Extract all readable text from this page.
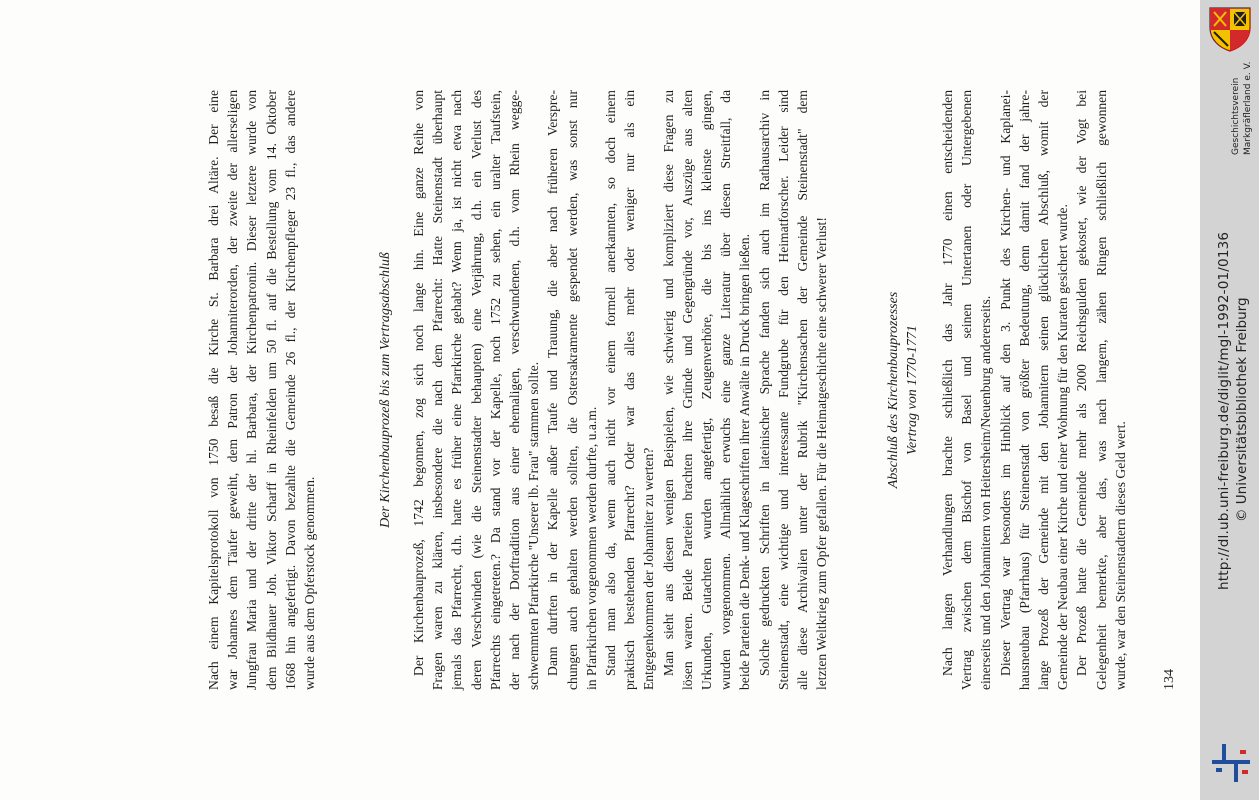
Nach einem Kapitelsprotokoll von 1750 besaß die Kirche St. Barbara drei Altäre. Der eine war Johannes dem Täufer geweiht, dem Patron der Johanniterorden, der zweite der allerseligen Jungfrau Maria und der dritte der hl. Barbara, der Kirchenpatronin. Dieser letztere wurde von dem Bildhauer Joh. Viktor Scharff in Rheinfelden um 50 fl. auf die Bestellung vom 14. Oktober 1668 hin angefertigt. Davon bezahlte die Gemeinde 26 fl., der Kirchenpfleger 23 fl., das andere wurde aus dem Opferstock genommen.

Der Kirchenbauprozeß bis zum Vertragsabschluß Der Kirchenbauprozeß, 1742 begonnen, zog sich noch lange hin. Eine ganze Reihe von Fragen waren zu klären, insbesondere die nach dem Pfarrecht: Hatte Steinenstadt überhaupt jemals das Pfarrecht, d.h. hatte es früher eine Pfarrkirche gehabt? Wenn ja, ist nicht etwa nach deren Verschwinden (wie die Steinenstadter behaupten) eine Verjährung, d.h. ein Verlust des Pfarrechts eingetreten.? Da stand vor der Kapelle, noch 1752 zu sehen, ein uralter Taufstein, der nach der Dorftradition aus einer ehemaligen, verschwundenen, d.h. vom Rhein wegge- schwemmten Pfarrkirche "Unserer lb. Frau" stammen sollte. Dann durften in der Kapelle außer Taufe und Trauung, die aber nach früheren Verspre- chungen auch gehalten werden sollten, die Ostersakramente gespendet werden, was sonst nur in Pfarrkirchen vorgenommen werden durfte, u.a.m. Stand man also da, wenn auch nicht vor einem formell anerkannten, so doch einem praktisch bestehenden Pfarrecht? Oder war das alles mehr oder weniger nur als ein Entgegenkommen der Johanniter zu werten? Man sieht aus diesen wenigen Beispielen, wie schwierig und kompliziert diese Fragen zu lösen waren. Beide Parteien brachten ihre Gründe und Gegengründe vor, Auszüge aus alten Urkunden, Gutachten wurden angefertigt, Zeugenverhöre, die bis ins kleinste gingen, wurden vorgenommen. Allmählich erwuchs eine ganze Literatur über diesen Streitfall, da beide Parteien die Denk- und Klageschriften ihrer Anwälte in Druck bringen ließen. Solche gedruckten Schriften in lateinischer Sprache fanden sich auch im Rathausarchiv in Steinenstadt, eine wichtige und interessante Fundgrube für den Heimatforscher. Leider sind alle diese Archivalien unter der Rubrik "Kirchensachen der Gemeinde Steinenstadt" dem letzten Weltkrieg zum Opfer gefallen. Für die Heimatgeschichte eine schwerer Verlust!	Abschluß des Kirchenbauprozesses Vertrag von 1770-1771 Nach langen Verhandlungen brachte schließlich das Jahr 1770 einen entscheidenden Vertrag zwischen dem Bischof von Basel und seinen Untertanen oder Untergebenen einerseits und den Johannitern von Heitersheim/Neuenburg andererseits. Dieser Vertrag war besonders im Hinblick auf den 3. Punkt des Kirchen- und Kaplanei- hausneubau (Pfarrhaus) für Steinenstadt von größter Bedeutung, denn damit fand der jahre- lange Prozeß der Gemeinde mit den Johannitern seinen glücklichen Abschluß, womit der Gemeinde der Neubau einer Kirche und einer Wohnung für den Kuraten gesichert wurde. Der Prozeß hatte die Gemeinde mehr als 2000 Reichsgulden gekostet, wie der Vogt bei Gelegenheit bemerkte, aber das, was nach langem, zähen Ringen schließlich gewonnen wurde, war den Steinenstadtern dieses Geld wert. 134

Geschichtsverein Markgräflerland e. V.
http://dl.ub.uni-freiburg.de/diglit/mgl-1992-01/0136 © Universitätsbibliothek Freiburg
